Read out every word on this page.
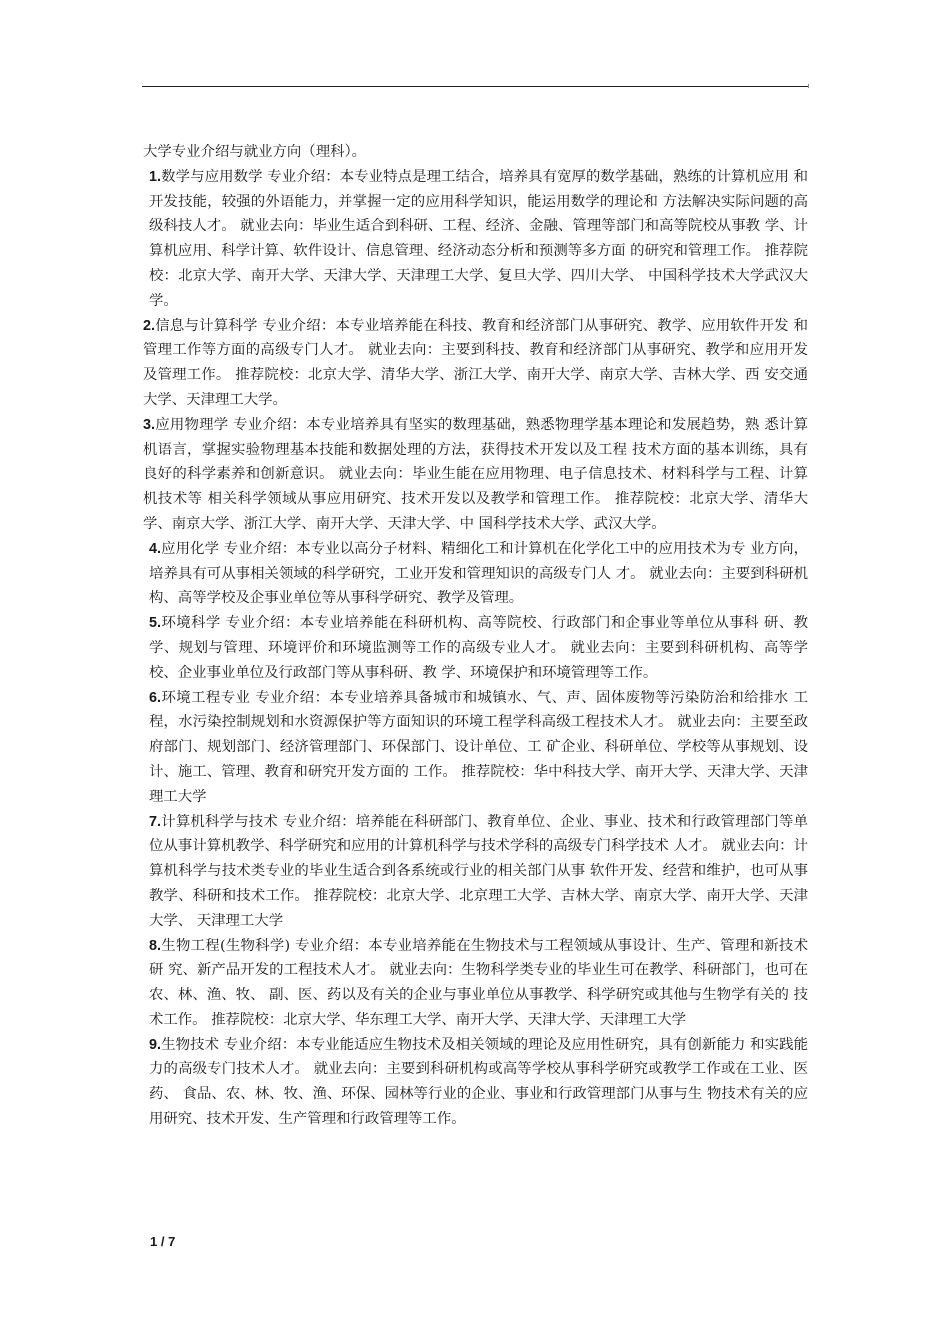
大学专业介绍与就业方向（理科）。

1.数学与应用数学 专业介绍：本专业特点是理工结合，培养具有宽厚的数学基础，熟练的计算机应用 和开发技能，较强的外语能力，并掌握一定的应用科学知识，能运用数学的理论和 方法解决实际问题的高级科技人才。 就业去向：毕业生适合到科研、工程、经济、金融、管理等部门和高等院校从事教 学、计算机应用、科学计算、软件设计、信息管理、经济动态分析和预测等多方面 的研究和管理工作。 推荐院校：北京大学、南开大学、天津大学、天津理工大学、复旦大学、四川大学、 中国科学技术大学武汉大学。

2.信息与计算科学 专业介绍：本专业培养能在科技、教育和经济部门从事研究、教学、应用软件开发 和管理工作等方面的高级专门人才。 就业去向：主要到科技、教育和经济部门从事研究、教学和应用开发及管理工作。 推荐院校：北京大学、清华大学、浙江大学、南开大学、南京大学、吉林大学、西 安交通大学、天津理工大学。

3.应用物理学 专业介绍：本专业培养具有坚实的数理基础，熟悉物理学基本理论和发展趋势，熟 悉计算机语言，掌握实验物理基本技能和数据处理的方法，获得技术开发以及工程 技术方面的基本训练，具有良好的科学素养和创新意识。 就业去向：毕业生能在应用物理、电子信息技术、材料科学与工程、计算机技术等 相关科学领域从事应用研究、技术开发以及教学和管理工作。 推荐院校：北京大学、清华大学、南京大学、浙江大学、南开大学、天津大学、中 国科学技术大学、武汉大学。

4.应用化学 专业介绍：本专业以高分子材料、精细化工和计算机在化学化工中的应用技术为专 业方向，培养具有可从事相关领域的科学研究，工业开发和管理知识的高级专门人 才。 就业去向：主要到科研机构、高等学校及企事业单位等从事科学研究、教学及管理。

5.环境科学 专业介绍：本专业培养能在科研机构、高等院校、行政部门和企事业等单位从事科 研、教学、规划与管理、环境评价和环境监测等工作的高级专业人才。 就业去向：主要到科研机构、高等学校、企业事业单位及行政部门等从事科研、教 学、环境保护和环境管理等工作。

6.环境工程专业 专业介绍：本专业培养具备城市和城镇水、气、声、固体废物等污染防治和给排水 工程，水污染控制规划和水资源保护等方面知识的环境工程学科高级工程技术人才。 就业去向：主要至政府部门、规划部门、经济管理部门、环保部门、设计单位、工 矿企业、科研单位、学校等从事规划、设计、施工、管理、教育和研究开发方面的 工作。 推荐院校：华中科技大学、南开大学、天津大学、天津理工大学

7.计算机科学与技术 专业介绍：培养能在科研部门、教育单位、企业、事业、技术和行政管理部门等单 位从事计算机教学、科学研究和应用的计算机科学与技术学科的高级专门科学技术 人才。 就业去向：计算机科学与技术类专业的毕业生适合到各系统或行业的相关部门从事 软件开发、经营和维护，也可从事教学、科研和技术工作。 推荐院校：北京大学、北京理工大学、吉林大学、南京大学、南开大学、天津大学、 天津理工大学

8.生物工程(生物科学) 专业介绍：本专业培养能在生物技术与工程领域从事设计、生产、管理和新技术研 究、新产品开发的工程技术人才。 就业去向：生物科学类专业的毕业生可在教学、科研部门，也可在农、林、渔、牧、 副、医、药以及有关的企业与事业单位从事教学、科学研究或其他与生物学有关的 技术工作。 推荐院校：北京大学、华东理工大学、南开大学、天津大学、天津理工大学

9.生物技术 专业介绍：本专业能适应生物技术及相关领域的理论及应用性研究，具有创新能力 和实践能力的高级专门技术人才。 就业去向：主要到科研机构或高等学校从事科学研究或教学工作或在工业、医药、 食品、农、林、牧、渔、环保、园林等行业的企业、事业和行政管理部门从事与生 物技术有关的应用研究、技术开发、生产管理和行政管理等工作。

1 / 7
